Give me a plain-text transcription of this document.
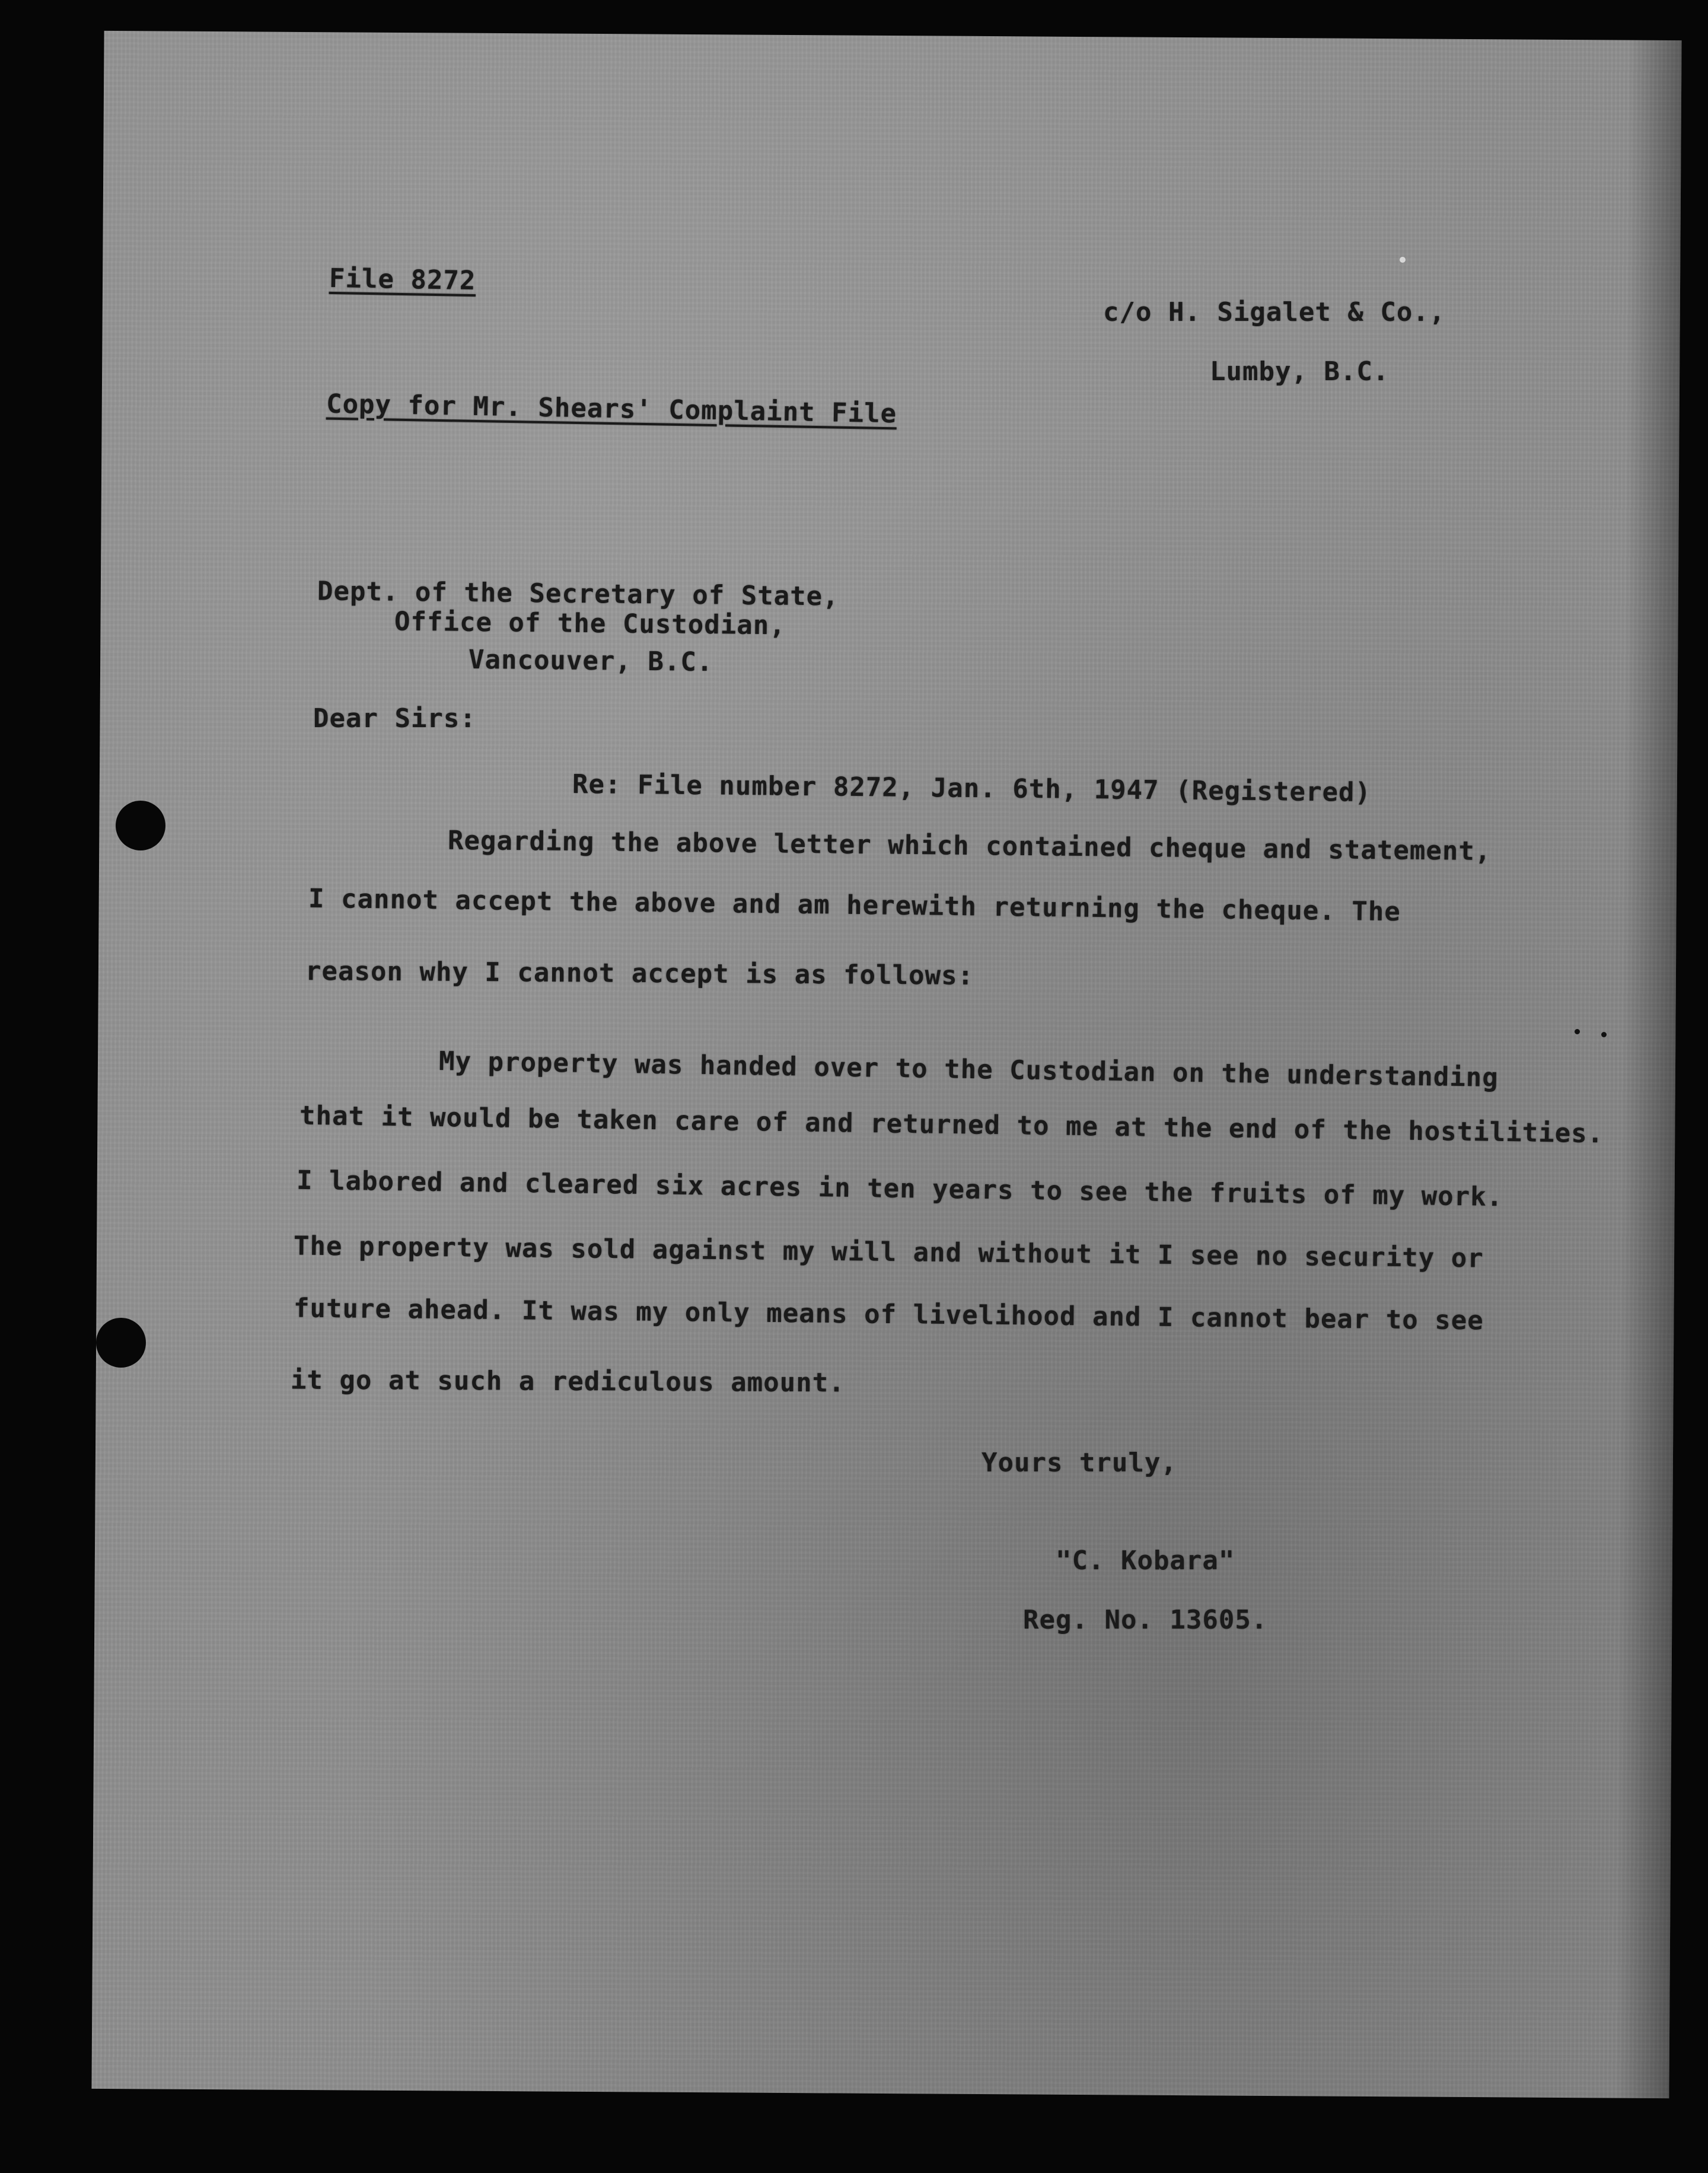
File 8272
c/o H. Sigalet & Co.,
Lumby, B.C.
Copy for Mr. Shears' Complaint File
Dept. of the Secretary of State,
Office of the Custodian,
Vancouver, B.C.
Dear Sirs:
Re: File number 8272, Jan. 6th, 1947 (Registered)
Regarding the above letter which contained cheque and statement,
I cannot accept the above and am herewith returning the cheque. The
reason why I cannot accept is as follows:
My property was handed over to the Custodian on the understanding
that it would be taken care of and returned to me at the end of the hostilities.
I labored and cleared six acres in ten years to see the fruits of my work.
The property was sold against my will and without it I see no security or
future ahead. It was my only means of livelihood and I cannot bear to see
it go at such a rediculous amount.
Yours truly,
"C. Kobara"
Reg. No. 13605.
